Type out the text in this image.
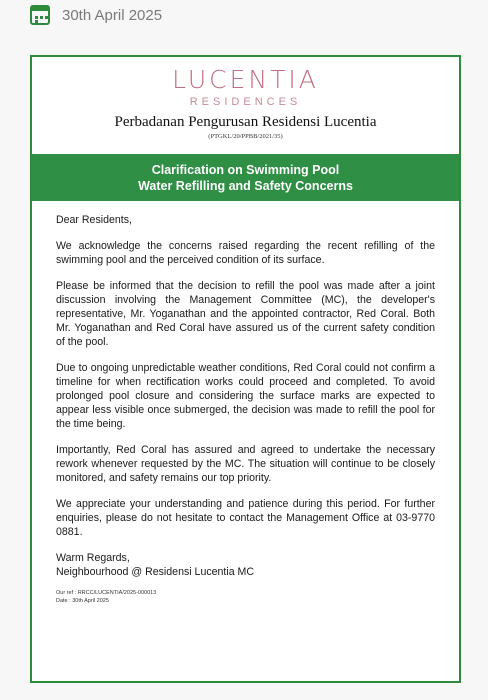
30th April 2025
LUCENTIA
RESIDENCES
Perbadanan Pengurusan Residensi Lucentia
(PTGKL/20/PPBB/2021/35)
Clarification on Swimming Pool
Water Refilling and Safety Concerns

Dear Residents,

We acknowledge the concerns raised regarding the recent refilling of the swimming pool and the perceived condition of its surface.

Please be informed that the decision to refill the pool was made after a joint discussion involving the Management Committee (MC), the developer's representative, Mr. Yoganathan and the appointed contractor, Red Coral. Both Mr. Yoganathan and Red Coral have assured us of the current safety condition of the pool.

Due to ongoing unpredictable weather conditions, Red Coral could not confirm a timeline for when rectification works could proceed and completed. To avoid prolonged pool closure and considering the surface marks are expected to appear less visible once submerged, the decision was made to refill the pool for the time being.

Importantly, Red Coral has assured and agreed to undertake the necessary rework whenever requested by the MC. The situation will continue to be closely monitored, and safety remains our top priority.

We appreciate your understanding and patience during this period. For further enquiries, please do not hesitate to contact the Management Office at 03-9770 0881.

Warm Regards,

Neighbourhood @ Residensi Lucentia MC

Our ref : RRCC/LUCENTIA/2025-000013
Date : 30th April 2025
